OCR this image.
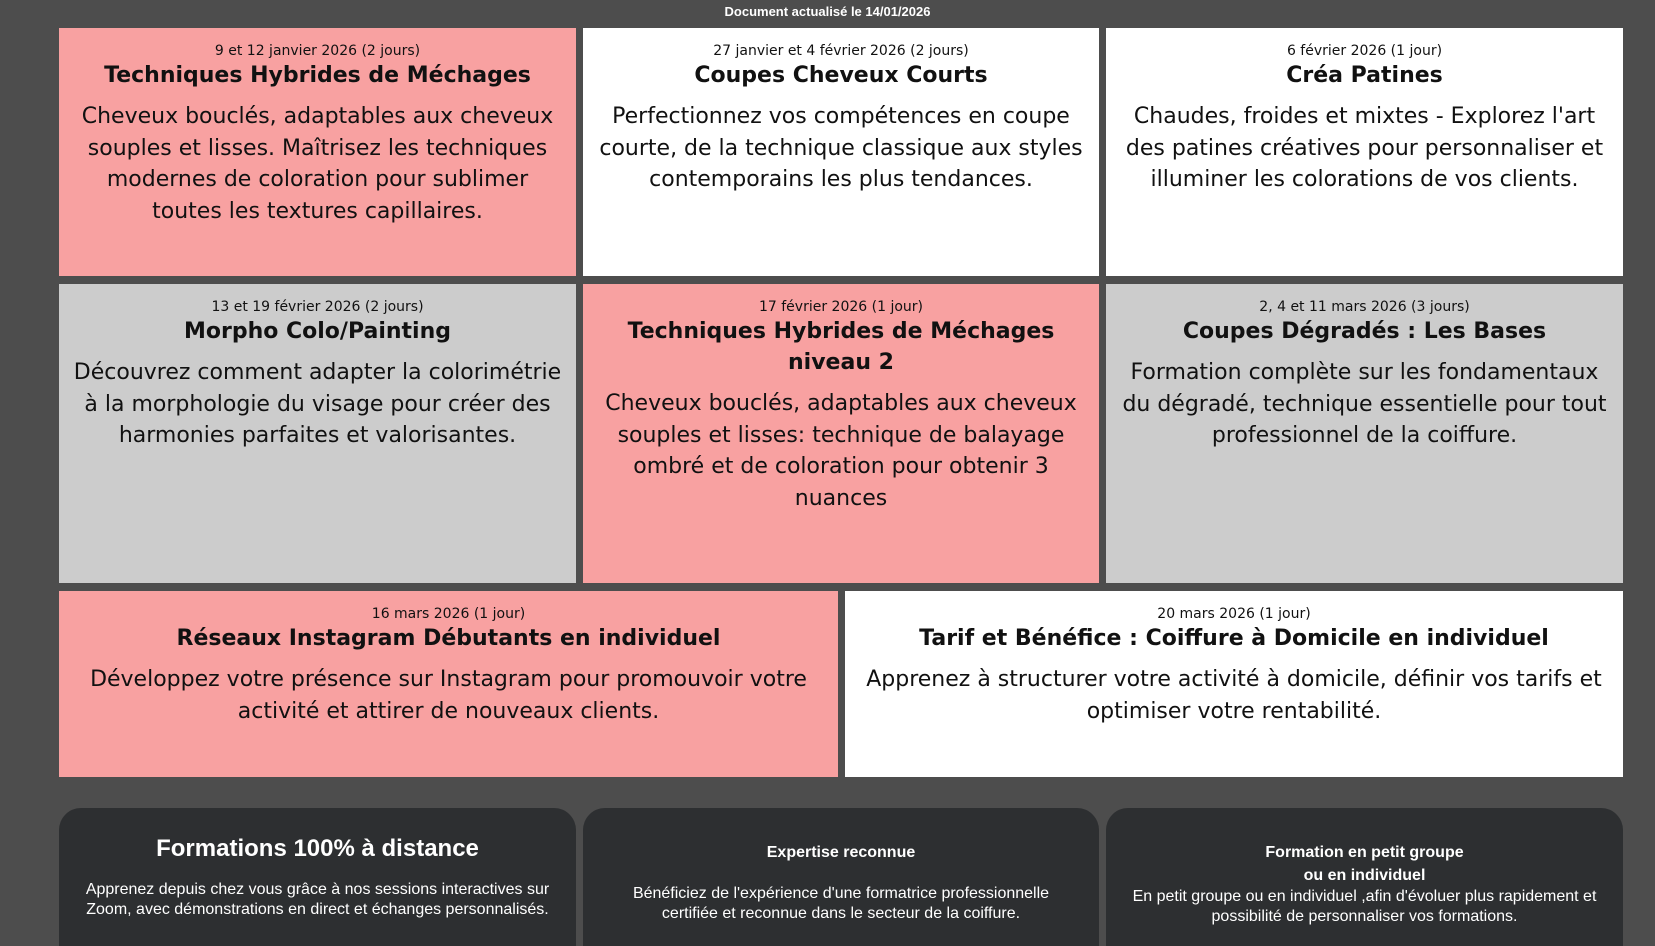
Document actualisé le 14/01/2026

9 et 12 janvier 2026 (2 jours)

Techniques Hybrides de Méchages

Cheveux bouclés, adaptables aux cheveux souples et lisses. Maîtrisez les techniques modernes de coloration pour sublimer toutes les textures capillaires.

27 janvier et 4 février 2026 (2 jours)

Coupes Cheveux Courts

Perfectionnez vos compétences en coupe courte, de la technique classique aux styles contemporains les plus tendances.

6 février 2026 (1 jour)

Créa Patines

Chaudes, froides et mixtes - Explorez l'art des patines créatives pour personnaliser et illuminer les colorations de vos clients.

13 et 19 février 2026 (2 jours)

Morpho Colo/Painting

Découvrez comment adapter la colorimétrie à la morphologie du visage pour créer des harmonies parfaites et valorisantes.

17 février 2026 (1 jour)

Techniques Hybrides de Méchages niveau 2

Cheveux bouclés, adaptables aux cheveux souples et lisses: technique de balayage ombré et de coloration pour obtenir 3 nuances

2, 4 et 11 mars 2026 (3 jours)

Coupes Dégradés : Les Bases

Formation complète sur les fondamentaux du dégradé, technique essentielle pour tout professionnel de la coiffure.

16 mars 2026 (1 jour)

Réseaux Instagram Débutants en individuel

Développez votre présence sur Instagram pour promouvoir votre activité et attirer de nouveaux clients.

20 mars 2026 (1 jour)

Tarif et Bénéfice : Coiffure à Domicile en individuel

Apprenez à structurer votre activité à domicile, définir vos tarifs et optimiser votre rentabilité.

Formations 100% à distance

Apprenez depuis chez vous grâce à nos sessions interactives sur Zoom, avec démonstrations en direct et échanges personnalisés.

Expertise reconnue

Bénéficiez de l'expérience d'une formatrice professionnelle certifiée et reconnue dans le secteur de la coiffure.

Formation en petit groupe
ou en individuel

En petit groupe ou en individuel ,afin d'évoluer plus rapidement et possibilité de personnaliser vos formations.
